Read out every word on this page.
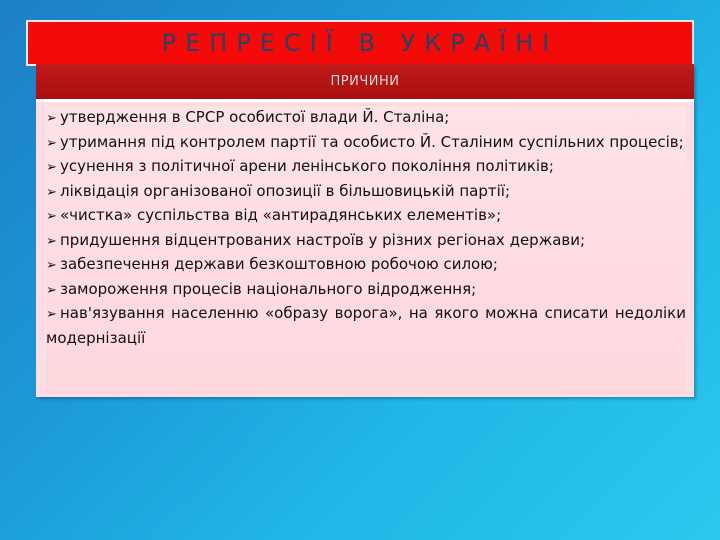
РЕПРЕСІЇ В УКРАЇНІ
ПРИЧИНИ
➢ утвердження в СРСР особистої влади Й. Сталіна;
➢ утримання під контролем партії та особисто Й. Сталіним суспільних процесів;
➢ усунення з політичної арени ленінського покоління політиків;
➢ ліквідація організованої опозиції в більшовицькій партії;
➢ «чистка» суспільства від «антирадянських елементів»;
➢ придушення відцентрованих настроїв у різних регіонах держави;
➢ забезпечення держави безкоштовною робочою силою;
➢ замороження процесів національного відродження;
➢ нав'язування населенню «образу ворога», на якого можна списати недоліки модернізації
